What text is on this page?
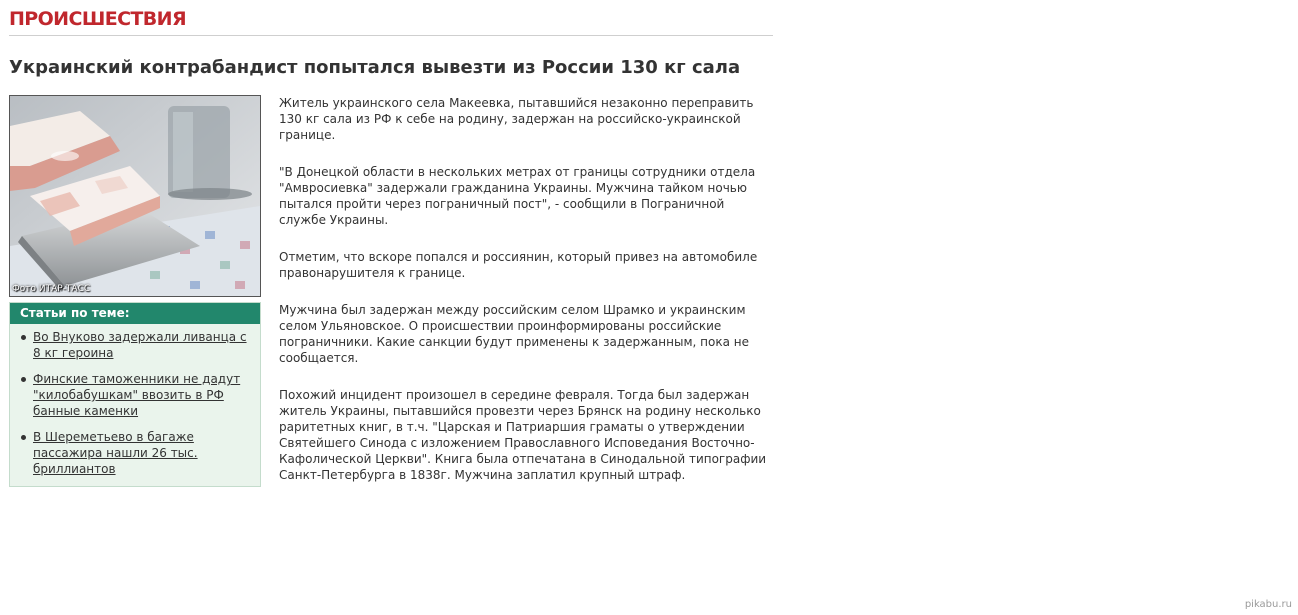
ПРОИСШЕСТВИЯ
Украинский контрабандист попытался вывезти из России 130 кг сала
Фото ИТАР-ТАСС
Статьи по теме:
Во Внуково задержали ливанца с 8 кг героина
Финские таможенники не дадут "килобабушкам" ввозить в РФ банные каменки
В Шереметьево в багаже пассажира нашли 26 тыс. бриллиантов

Житель украинского села Макеевка, пытавшийся незаконно переправить 130 кг сала из РФ к себе на родину, задержан на российско-украинской границе.

"В Донецкой области в нескольких метрах от границы сотрудники отдела "Амвросиевка" задержали гражданина Украины. Мужчина тайком ночью пытался пройти через пограничный пост", - сообщили в Пограничной службе Украины.

Отметим, что вскоре попался и россиянин, который привез на автомобиле правонарушителя к границе.

Мужчина был задержан между российским селом Шрамко и украинским селом Ульяновское. О происшествии проинформированы российские пограничники. Какие санкции будут применены к задержанным, пока не сообщается.

Похожий инцидент произошел в середине февраля. Тогда был задержан житель Украины, пытавшийся провезти через Брянск на родину несколько раритетных книг, в т.ч. "Царская и Патриаршия граматы о утверждении Святейшего Синода с изложением Православного Исповедания Восточно-Кафолической Церкви". Книга была отпечатана в Синодальной типографии Санкт-Петербурга в 1838г. Мужчина заплатил крупный штраф.

pikabu.ru
